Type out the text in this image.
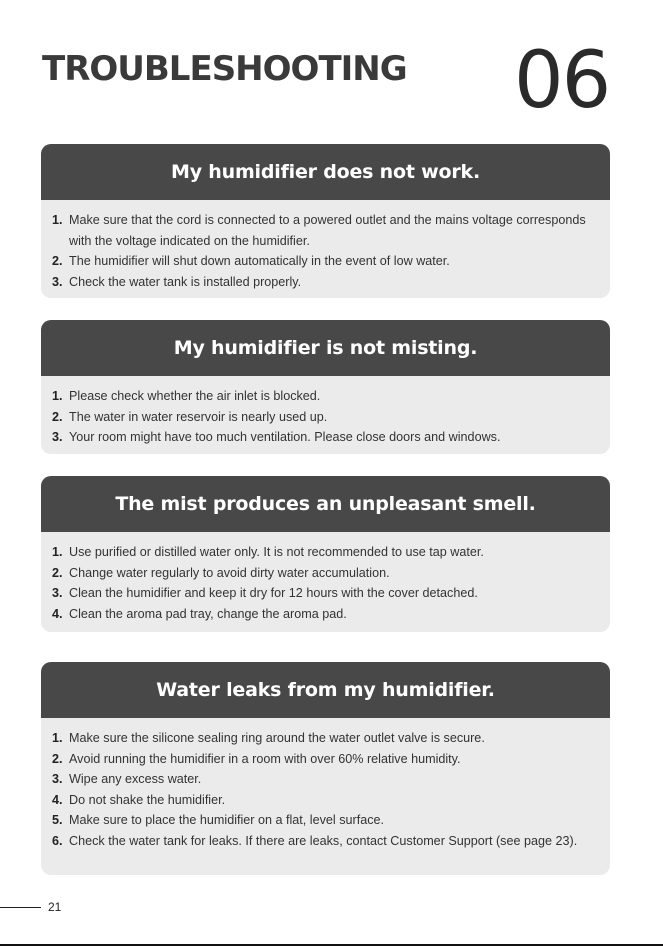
TROUBLESHOOTING 06
My humidifier does not work.
1. Make sure that the cord is connected to a powered outlet and the mains voltage corresponds with the voltage indicated on the humidifier.
2. The humidifier will shut down automatically in the event of low water.
3. Check the water tank is installed properly.
My humidifier is not misting.
1. Please check whether the air inlet is blocked.
2. The water in water reservoir is nearly used up.
3. Your room might have too much ventilation. Please close doors and windows.
The mist produces an unpleasant smell.
1. Use purified or distilled water only. It is not recommended to use tap water.
2. Change water regularly to avoid dirty water accumulation.
3. Clean the humidifier and keep it dry for 12 hours with the cover detached.
4. Clean the aroma pad tray, change the aroma pad.
Water leaks from my humidifier.
1. Make sure the silicone sealing ring around the water outlet valve is secure.
2. Avoid running the humidifier in a room with over 60% relative humidity.
3. Wipe any excess water.
4. Do not shake the humidifier.
5. Make sure to place the humidifier on a flat, level surface.
6. Check the water tank for leaks. If there are leaks, contact Customer Support (see page 23).
21
